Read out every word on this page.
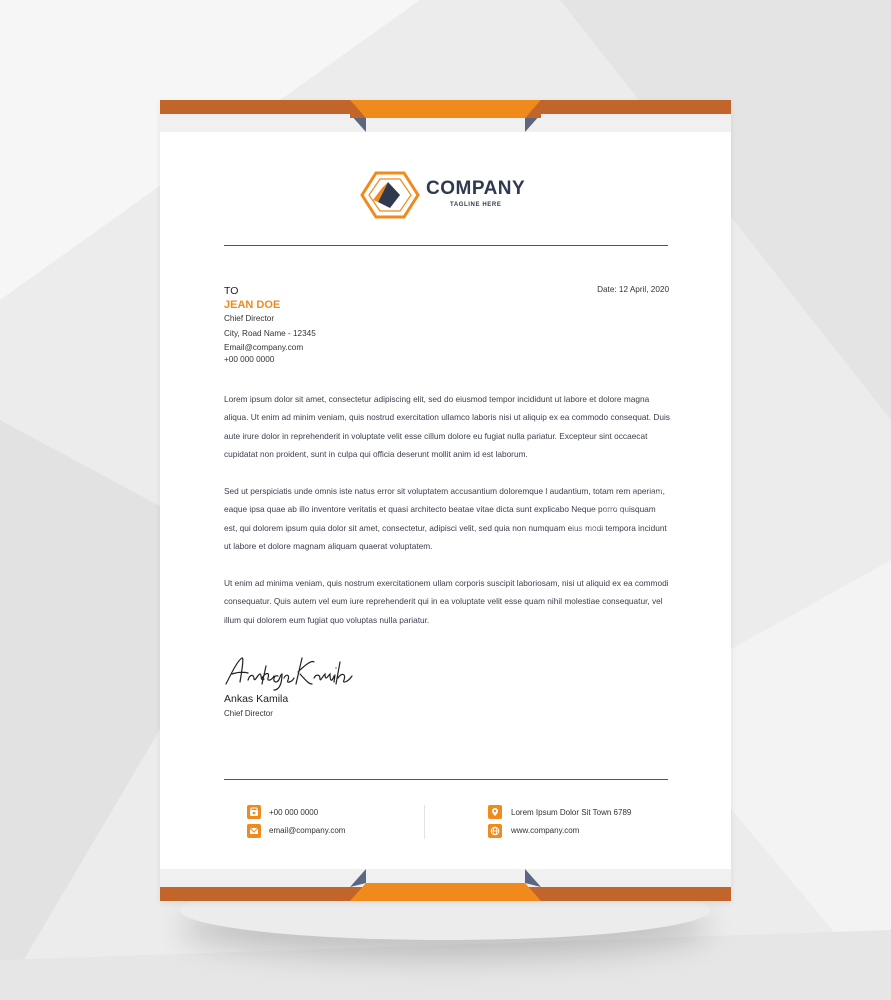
COMPANY
TAGLINE HERE
TO
JEAN DOE
Chief Director
City, Road Name - 12345
Email@company.com
+00 000 0000
Date: 12 April, 2020
Lorem ipsum dolor sit amet, consectetur adipiscing elit, sed do eiusmod tempor incididunt ut labore et dolore magna aliqua. Ut enim ad minim veniam, quis nostrud exercitation ullamco laboris nisi ut aliquip ex ea commodo consequat. Duis aute irure dolor in reprehenderit in voluptate velit esse cillum dolore eu fugiat nulla pariatur. Excepteur sint occaecat cupidatat non proident, sunt in culpa qui officia deserunt mollit anim id est laborum.
Sed ut perspiciatis unde omnis iste natus error sit voluptatem accusantium doloremque l audantium, totam rem aperiam, eaque ipsa quae ab illo inventore veritatis et quasi architecto beatae vitae dicta sunt explicabo Neque porro quisquam est, qui dolorem ipsum quia dolor sit amet, consectetur, adipisci velit, sed quia non numquam eius modi tempora incidunt ut labore et dolore magnam aliquam quaerat voluptatem.
Ut enim ad minima veniam, quis nostrum exercitationem ullam corporis suscipit laboriosam, nisi ut aliquid ex ea commodi consequatur. Quis autem vel eum iure reprehenderit qui in ea voluptate velit esse quam nihil molestiae consequatur, vel illum qui dolorem eum fugiat quo voluptas nulla pariatur.
Ankas Kamila
Chief Director
+00 000 0000
email@company.com
Lorem Ipsum Dolor Sit Town 6789
www.company.com
Adobe Stock
